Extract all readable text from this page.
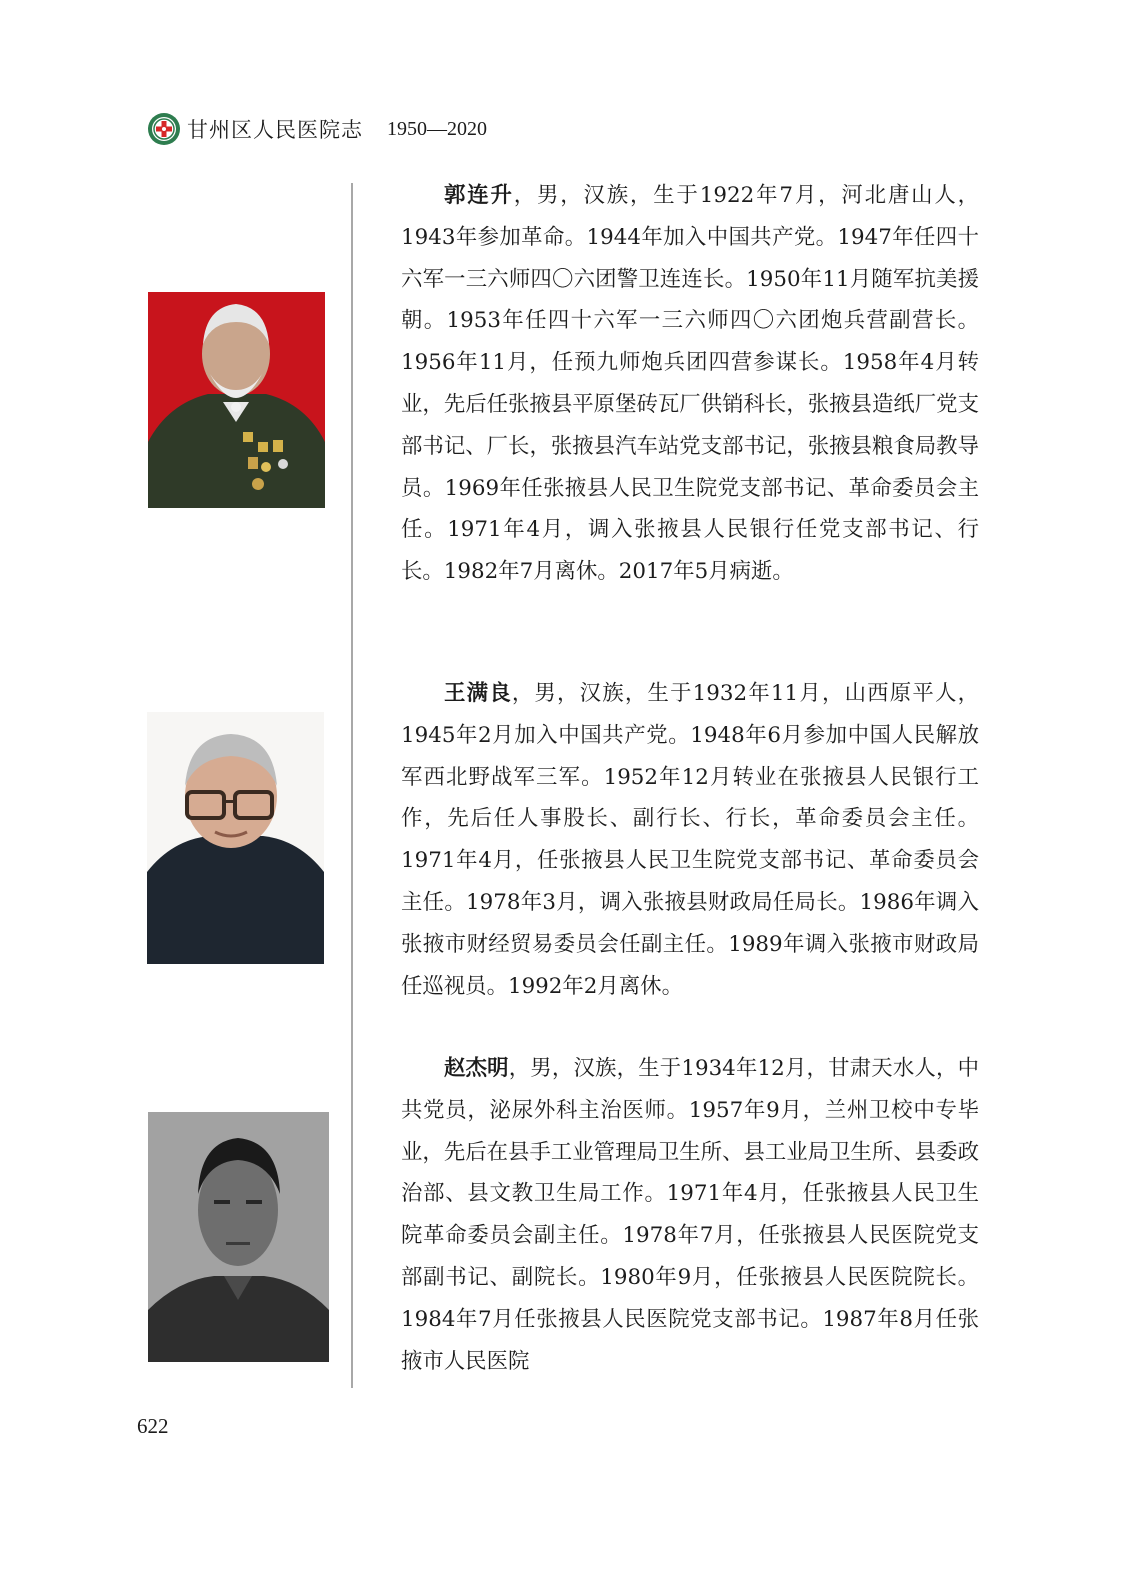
甘州区人民医院志 1950—2020

郭连升，男，汉族，生于1922年7月，河北唐山人，1943年参加革命。1944年加入中国共产党。1947年任四十六军一三六师四〇六团警卫连连长。1950年11月随军抗美援朝。1953年任四十六军一三六师四〇六团炮兵营副营长。1956年11月，任预九师炮兵团四营参谋长。1958年4月转业，先后任张掖县平原堡砖瓦厂供销科长，张掖县造纸厂党支部书记、厂长，张掖县汽车站党支部书记，张掖县粮食局教导员。1969年任张掖县人民卫生院党支部书记、革命委员会主任。1971年4月，调入张掖县人民银行任党支部书记、行长。1982年7月离休。2017年5月病逝。

王满良，男，汉族，生于1932年11月，山西原平人，1945年2月加入中国共产党。1948年6月参加中国人民解放军西北野战军三军。1952年12月转业在张掖县人民银行工作，先后任人事股长、副行长、行长，革命委员会主任。1971年4月，任张掖县人民卫生院党支部书记、革命委员会主任。1978年3月，调入张掖县财政局任局长。1986年调入张掖市财经贸易委员会任副主任。1989年调入张掖市财政局任巡视员。1992年2月离休。

赵杰明，男，汉族，生于1934年12月，甘肃天水人，中共党员，泌尿外科主治医师。1957年9月，兰州卫校中专毕业，先后在县手工业管理局卫生所、县工业局卫生所、县委政治部、县文教卫生局工作。1971年4月，任张掖县人民卫生院革命委员会副主任。1978年7月，任张掖县人民医院党支部副书记、副院长。1980年9月，任张掖县人民医院院长。1984年7月任张掖县人民医院党支部书记。1987年8月任张掖市人民医院

622
